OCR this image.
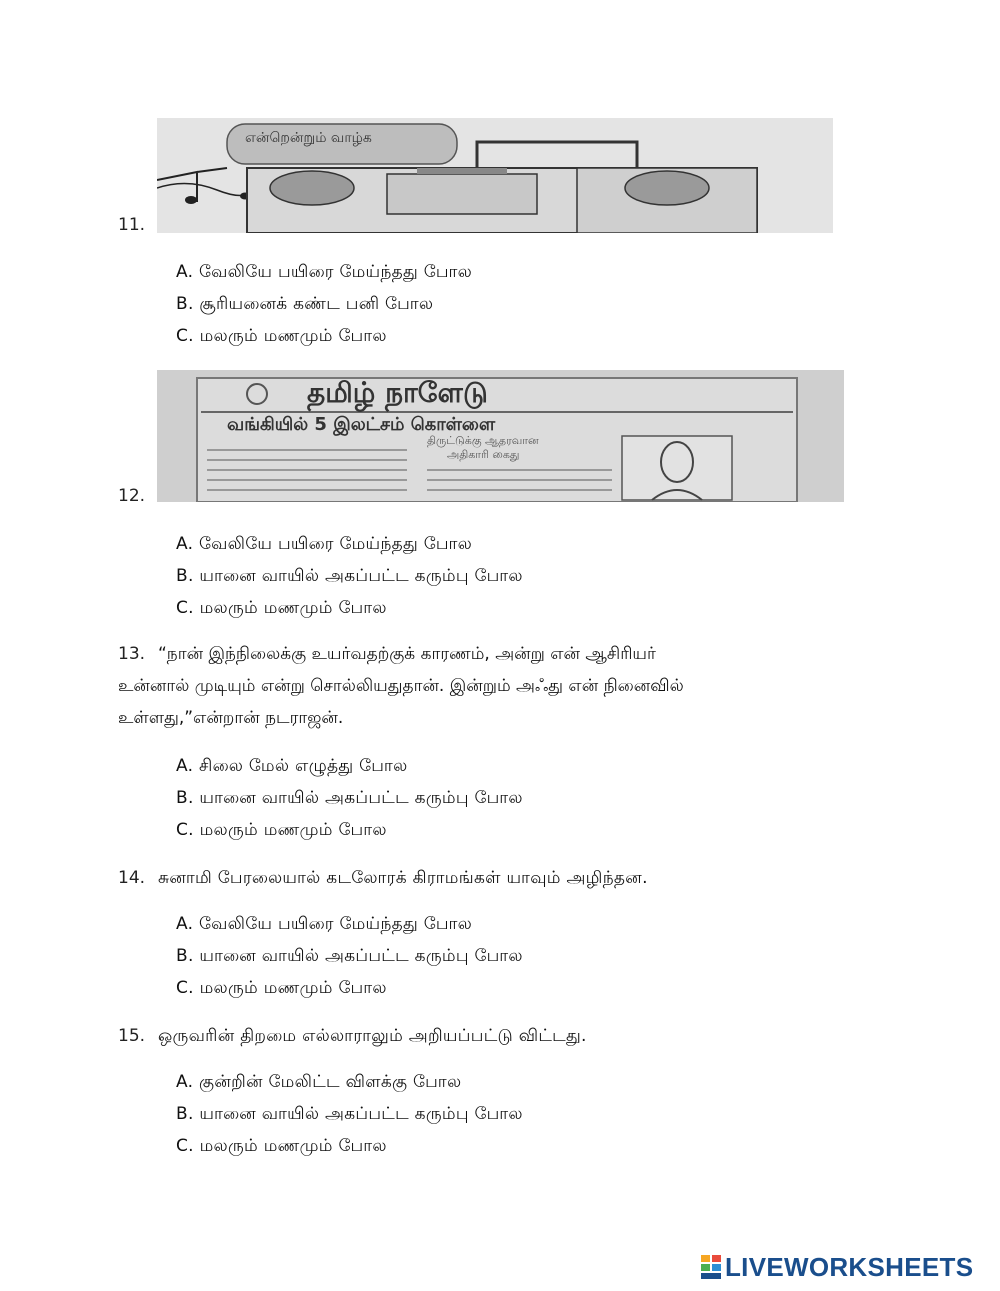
11.
என்றென்றும் வாழ்க
A. வேலியே பயிரை மேய்ந்தது போல
B. சூரியனைக் கண்ட பனி போல
C. மலரும் மணமும் போல
12.
தமிழ் நாளேடு
வங்கியில் 5 இலட்சம் கொள்ளை
திருட்டுக்கு ஆதரவான
அதிகாரி கைது
A. வேலியே பயிரை மேய்ந்தது போல
B. யானை வாயில் அகப்பட்ட கரும்பு போல
C. மலரும் மணமும் போல
13. “நான் இந்நிலைக்கு உயர்வதற்குக் காரணம், அன்று என் ஆசிரியர்
உன்னால் முடியும் என்று சொல்லியதுதான். இன்றும் அஃது என் நினைவில்
உள்ளது,”என்றான் நடராஜன்.
A. சிலை மேல் எழுத்து போல
B. யானை வாயில் அகப்பட்ட கரும்பு போல
C. மலரும் மணமும் போல
14. சுனாமி பேரலையால் கடலோரக் கிராமங்கள் யாவும் அழிந்தன.
A. வேலியே பயிரை மேய்ந்தது போல
B. யானை வாயில் அகப்பட்ட கரும்பு போல
C. மலரும் மணமும் போல
15. ஒருவரின் திறமை எல்லாராலும் அறியப்பட்டு விட்டது.
A. குன்றின் மேலிட்ட விளக்கு போல
B. யானை வாயில் அகப்பட்ட கரும்பு போல
C. மலரும் மணமும் போல
LIVEWORKSHEETS
